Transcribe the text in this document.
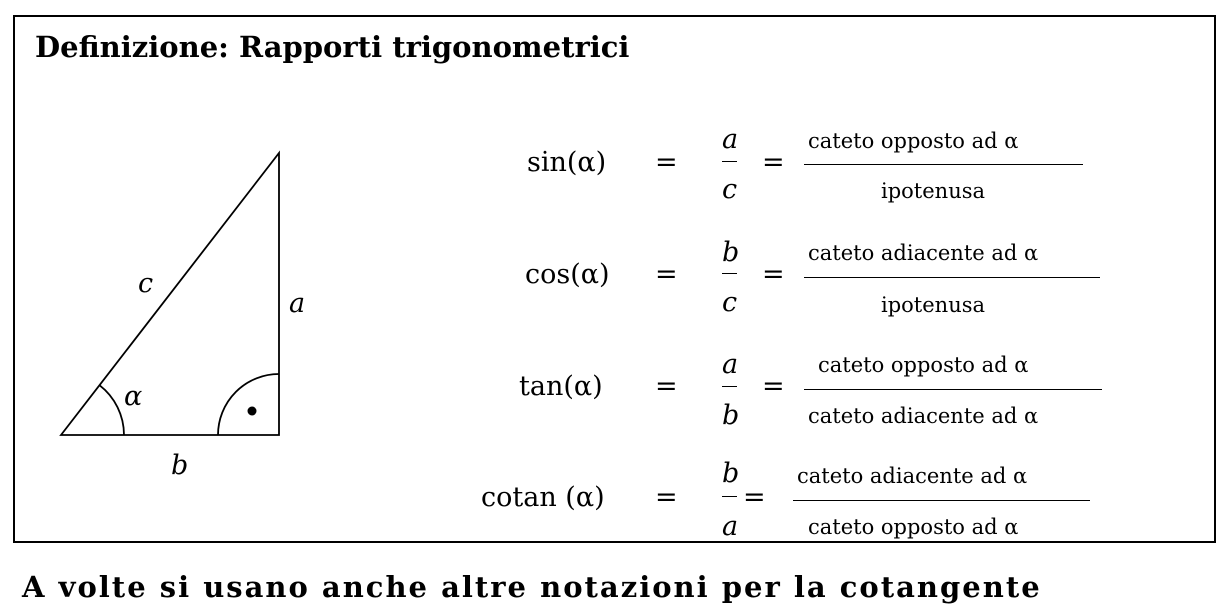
Definizione: Rapporti trigonometrici
c
a
b
α
sin(α) =
a
c
=
cateto opposto ad α
ipotenusa
cos(α) =
b
c
=
cateto adiacente ad α
ipotenusa
tan(α) =
a
b
=
cateto opposto ad α
cateto adiacente ad α
cotan (α) =
b
a
=
cateto adiacente ad α
cateto opposto ad α
A volte si usano anche altre notazioni per la cotangente
